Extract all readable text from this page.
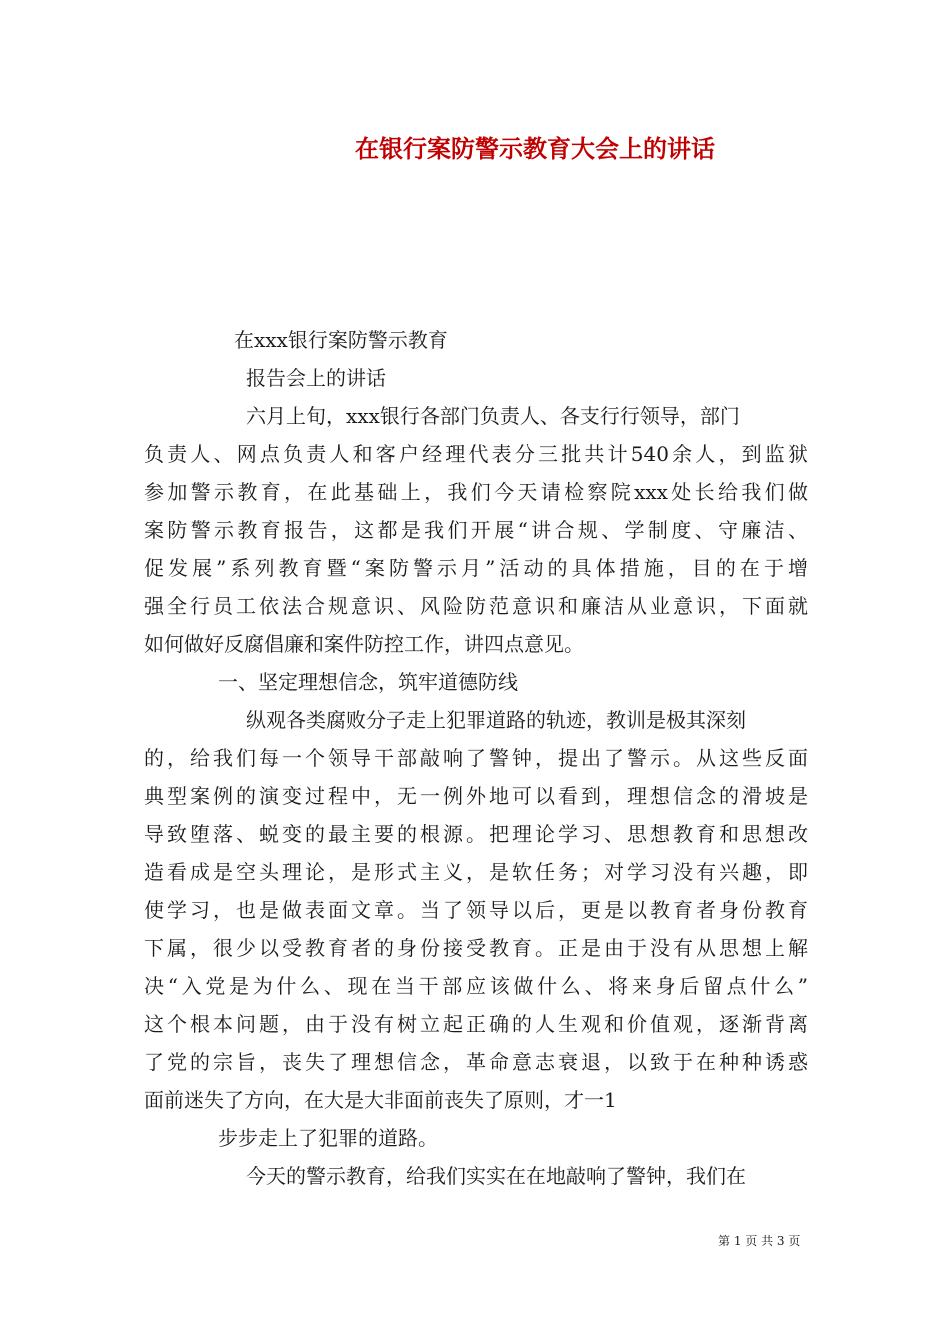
在银行案防警示教育大会上的讲话
在xxx银行案防警示教育
报告会上的讲话
六月上旬，xxx银行各部门负责人、各支行行领导，部门
负责人、网点负责人和客户经理代表分三批共计540余人，到监狱
参加警示教育，在此基础上，我们今天请检察院xxx处长给我们做
案防警示教育报告，这都是我们开展“讲合规、学制度、守廉洁、
促发展”系列教育暨“案防警示月”活动的具体措施，目的在于增
强全行员工依法合规意识、风险防范意识和廉洁从业意识，下面就
如何做好反腐倡廉和案件防控工作，讲四点意见。
一、坚定理想信念，筑牢道德防线
纵观各类腐败分子走上犯罪道路的轨迹，教训是极其深刻
的，给我们每一个领导干部敲响了警钟，提出了警示。从这些反面
典型案例的演变过程中，无一例外地可以看到，理想信念的滑坡是
导致堕落、蜕变的最主要的根源。把理论学习、思想教育和思想改
造看成是空头理论，是形式主义，是软任务；对学习没有兴趣，即
使学习，也是做表面文章。当了领导以后，更是以教育者身份教育
下属，很少以受教育者的身份接受教育。正是由于没有从思想上解
决“入党是为什么、现在当干部应该做什么、将来身后留点什么”
这个根本问题，由于没有树立起正确的人生观和价值观，逐渐背离
了党的宗旨，丧失了理想信念，革命意志衰退，以致于在种种诱惑
面前迷失了方向，在大是大非面前丧失了原则，才一1
步步走上了犯罪的道路。
今天的警示教育，给我们实实在在地敲响了警钟，我们在
第 1 页 共 3 页
